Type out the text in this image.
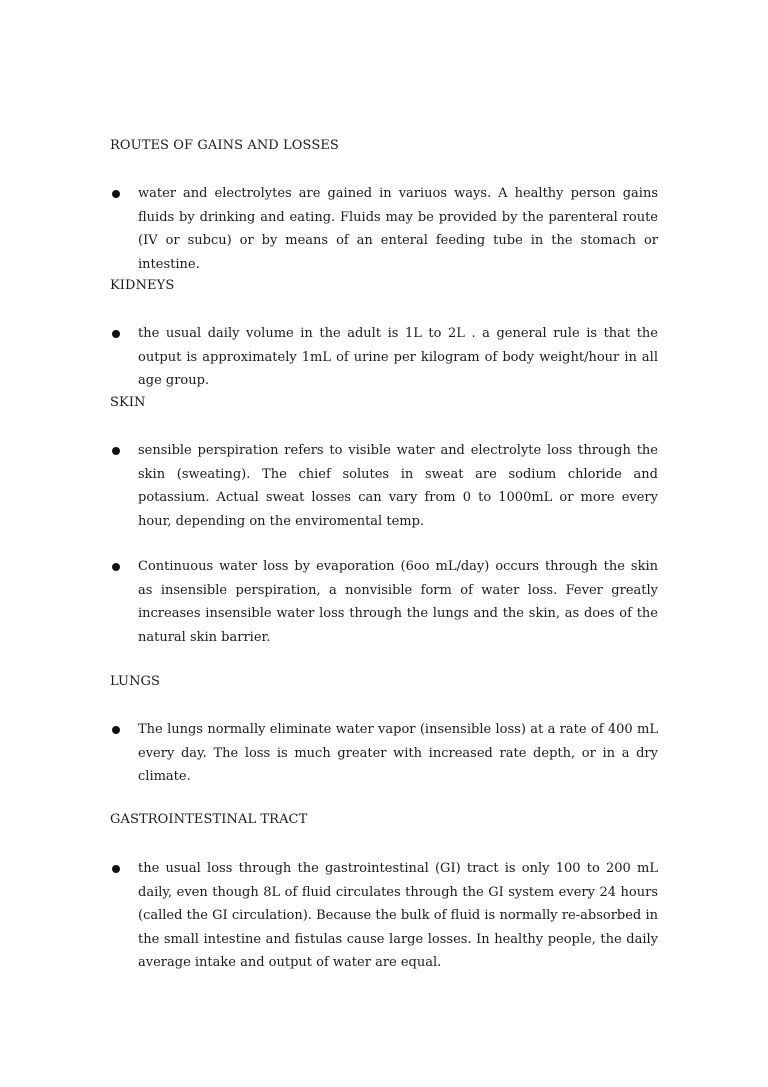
ROUTES OF GAINS AND LOSSES

water and electrolytes are gained in variuos ways. A healthy person gains fluids by drinking and eating. Fluids may be provided by the parenteral route (IV or subcu) or by means of an enteral feeding tube in the stomach or intestine.

KIDNEYS

the usual daily volume in the adult is 1L to 2L . a general rule is that the output is approximately 1mL of urine per kilogram of body weight/hour in all age group.

SKIN

sensible perspiration refers to visible water and electrolyte loss through the skin (sweating). The chief solutes in sweat are sodium chloride and potassium. Actual sweat losses can vary from 0 to 1000mL or more every hour, depending on the enviromental temp.

Continuous water loss by evaporation (6oo mL/day) occurs through the skin as insensible perspiration, a nonvisible form of water loss. Fever greatly increases insensible water loss through the lungs and the skin, as does of the natural skin barrier.

LUNGS

The lungs normally eliminate water vapor (insensible loss) at a rate of 400 mL every day. The loss is much greater with increased rate depth, or in a dry climate.

GASTROINTESTINAL TRACT

the usual loss through the gastrointestinal (GI) tract is only 100 to 200 mL daily, even though 8L of fluid circulates through the GI system every 24 hours (called the GI circulation). Because the bulk of fluid is normally re-absorbed in the small intestine and fistulas cause large losses. In healthy people, the daily average intake and output of water are equal.
